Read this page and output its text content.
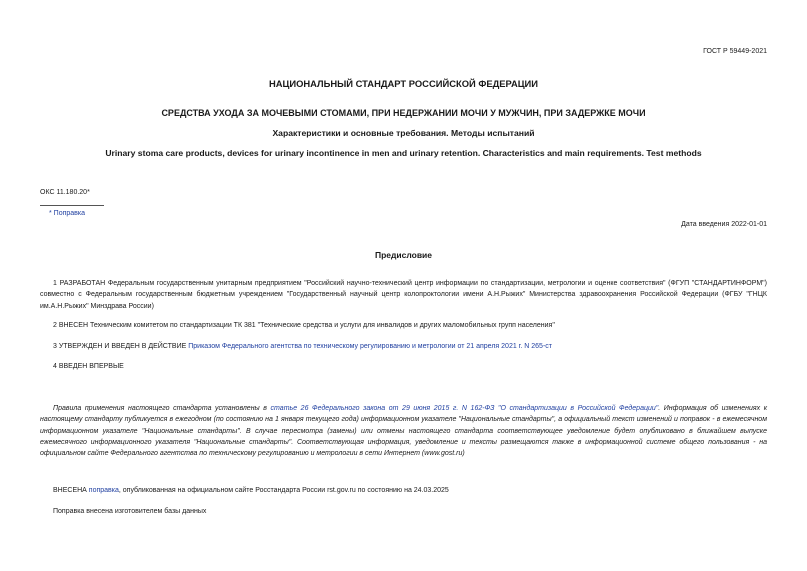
ГОСТ Р 59449-2021
НАЦИОНАЛЬНЫЙ СТАНДАРТ РОССИЙСКОЙ ФЕДЕРАЦИИ
СРЕДСТВА УХОДА ЗА МОЧЕВЫМИ СТОМАМИ, ПРИ НЕДЕРЖАНИИ МОЧИ У МУЖЧИН, ПРИ ЗАДЕРЖКЕ МОЧИ
Характеристики и основные требования. Методы испытаний
Urinary stoma care products, devices for urinary incontinence in men and urinary retention. Characteristics and main requirements. Test methods
ОКС 11.180.20*
* Поправка
Дата введения 2022-01-01
Предисловие
1 РАЗРАБОТАН Федеральным государственным унитарным предприятием "Российский научно-технический центр информации по стандартизации, метрологии и оценке соответствия" (ФГУП "СТАНДАРТИНФОРМ") совместно с Федеральным государственным бюджетным учреждением "Государственный научный центр колопроктологии имени А.Н.Рыжих" Министерства здравоохранения Российской Федерации (ФГБУ "ГНЦК им.А.Н.Рыжих" Минздрава России)
2 ВНЕСЕН Техническим комитетом по стандартизации ТК 381 "Технические средства и услуги для инвалидов и других маломобильных групп населения"
3 УТВЕРЖДЕН И ВВЕДЕН В ДЕЙСТВИЕ Приказом Федерального агентства по техническому регулированию и метрологии от 21 апреля 2021 г. N 265-ст
4 ВВЕДЕН ВПЕРВЫЕ
Правила применения настоящего стандарта установлены в статье 26 Федерального закона от 29 июня 2015 г. N 162-ФЗ "О стандартизации в Российской Федерации". Информация об изменениях к настоящему стандарту публикуется в ежегодном (по состоянию на 1 января текущего года) информационном указателе "Национальные стандарты", а официальный текст изменений и поправок - в ежемесячном информационном указателе "Национальные стандарты". В случае пересмотра (замены) или отмены настоящего стандарта соответствующее уведомление будет опубликовано в ближайшем выпуске ежемесячного информационного указателя "Национальные стандарты". Соответствующая информация, уведомление и тексты размещаются также в информационной системе общего пользования - на официальном сайте Федерального агентства по техническому регулированию и метрологии в сети Интернет (www.gost.ru)
ВНЕСЕНА поправка, опубликованная на официальном сайте Росстандарта России rst.gov.ru по состоянию на 24.03.2025
Поправка внесена изготовителем базы данных
